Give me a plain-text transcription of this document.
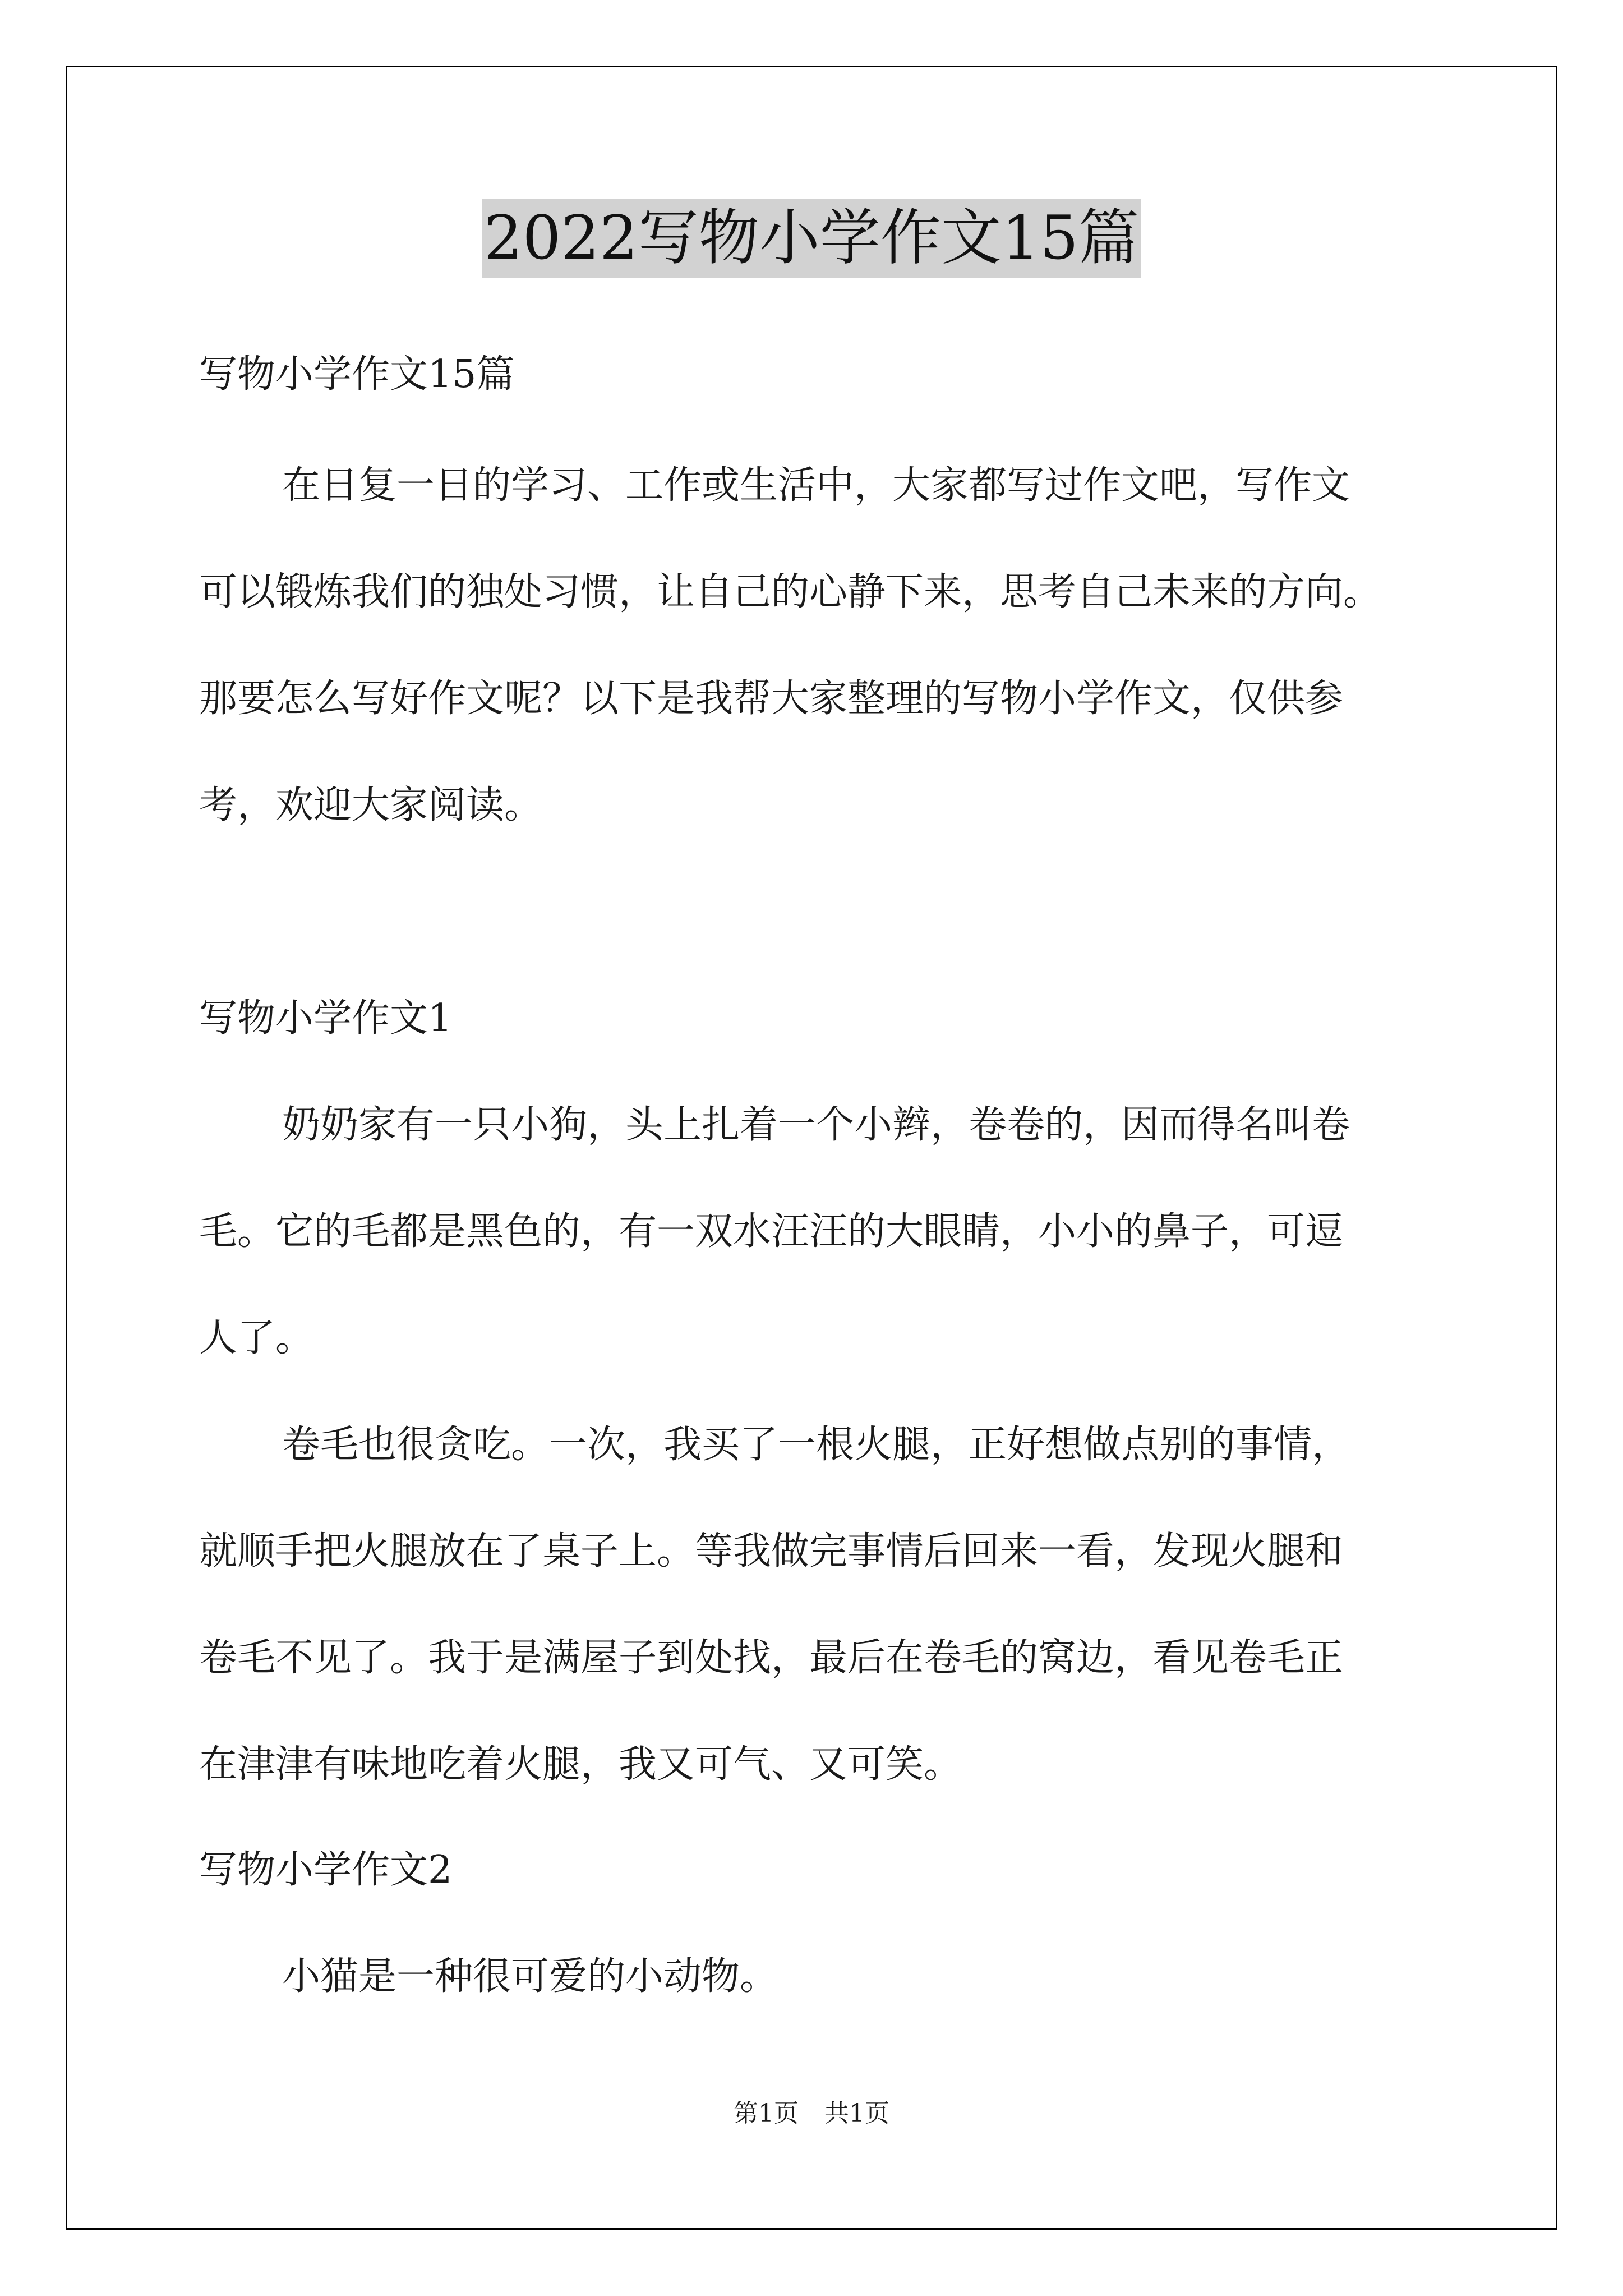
2022写物小学作文15篇
写物小学作文15篇
在日复一日的学习、工作或生活中，大家都写过作文吧，写作文
可以锻炼我们的独处习惯，让自己的心静下来，思考自己未来的方向。
那要怎么写好作文呢？以下是我帮大家整理的写物小学作文，仅供参
考，欢迎大家阅读。
写物小学作文1
奶奶家有一只小狗，头上扎着一个小辫，卷卷的，因而得名叫卷
毛。它的毛都是黑色的，有一双水汪汪的大眼睛，小小的鼻子，可逗
人了。
卷毛也很贪吃。一次，我买了一根火腿，正好想做点别的事情，
就顺手把火腿放在了桌子上。等我做完事情后回来一看，发现火腿和
卷毛不见了。我于是满屋子到处找，最后在卷毛的窝边，看见卷毛正
在津津有味地吃着火腿，我又可气、又可笑。
写物小学作文2
小猫是一种很可爱的小动物。
第1页 共1页
